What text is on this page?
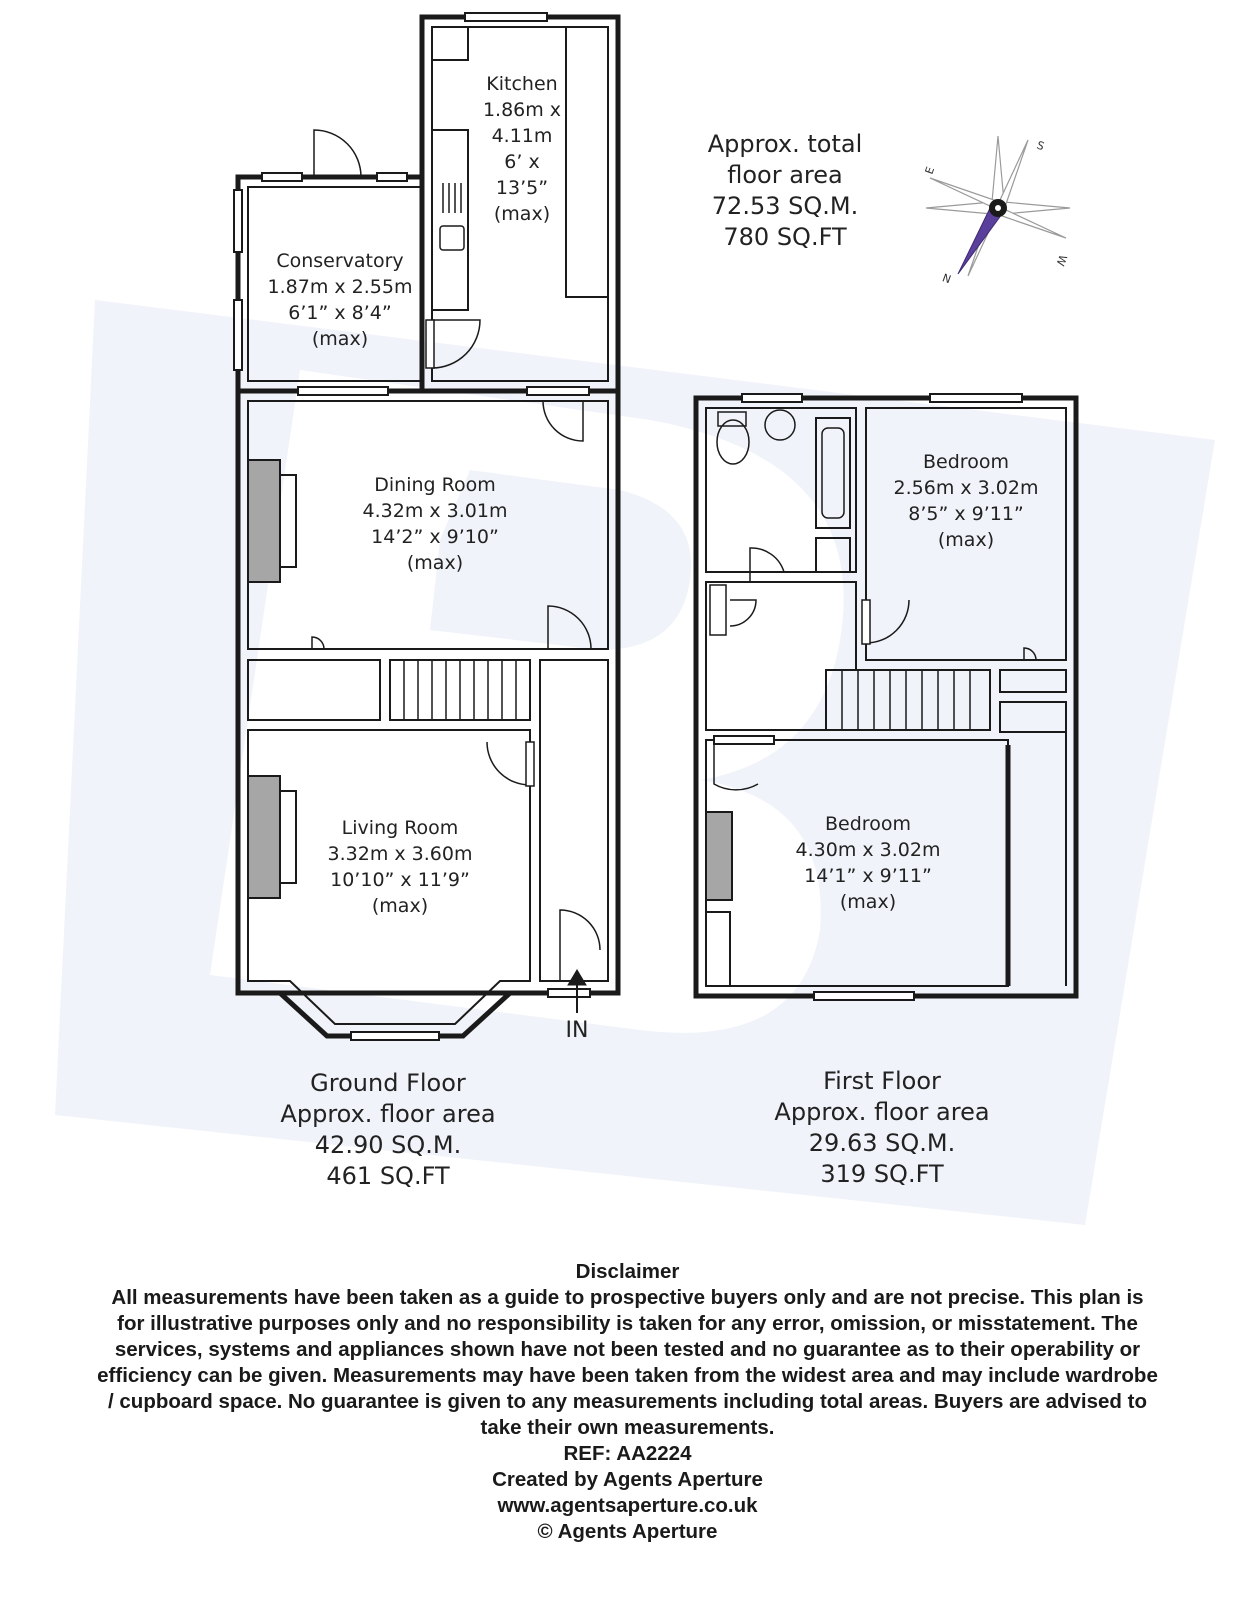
E
S
W
N
Kitchen
1.86m x
4.11m
6’ x
13’5”
(max)
Conservatory
1.87m x 2.55m
6’1” x 8’4”
(max)
Dining Room
4.32m x 3.01m
14’2” x 9’10”
(max)
Living Room
3.32m x 3.60m
10’10” x 11’9”
(max)
IN
Bedroom
2.56m x 3.02m
8’5” x 9’11”
(max)
Bedroom
4.30m x 3.02m
14’1” x 9’11”
(max)
Approx. total
floor area
72.53 SQ.M.
780 SQ.FT
Ground Floor
Approx. floor area
42.90 SQ.M.
461 SQ.FT
First Floor
Approx. floor area
29.63 SQ.M.
319 SQ.FT
Disclaimer
All measurements have been taken as a guide to prospective buyers only and are not precise. This plan is
for illustrative purposes only and no responsibility is taken for any error, omission, or misstatement. The
services, systems and appliances shown have not been tested and no guarantee as to their operability or
efficiency can be given. Measurements may have been taken from the widest area and may include wardrobe
/ cupboard space. No guarantee is given to any measurements including total areas. Buyers are advised to
take their own measurements.
REF: AA2224
Created by Agents Aperture
www.agentsaperture.co.uk
© Agents Aperture
